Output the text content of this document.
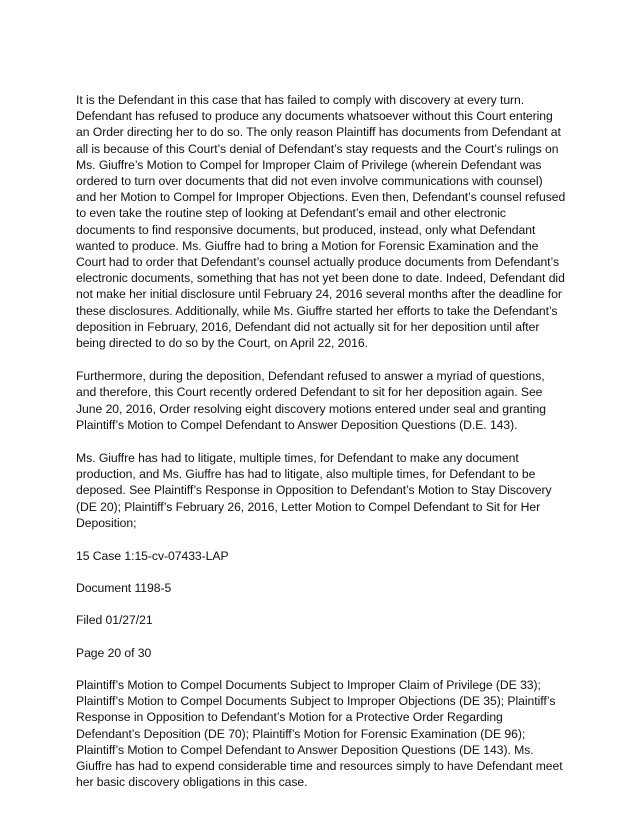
It is the Defendant in this case that has failed to comply with discovery at every turn. Defendant has refused to produce any documents whatsoever without this Court entering an Order directing her to do so. The only reason Plaintiff has documents from Defendant at all is because of this Court’s denial of Defendant’s stay requests and the Court’s rulings on Ms. Giuffre’s Motion to Compel for Improper Claim of Privilege (wherein Defendant was ordered to turn over documents that did not even involve communications with counsel) and her Motion to Compel for Improper Objections. Even then, Defendant’s counsel refused to even take the routine step of looking at Defendant’s email and other electronic documents to find responsive documents, but produced, instead, only what Defendant wanted to produce. Ms. Giuffre had to bring a Motion for Forensic Examination and the Court had to order that Defendant’s counsel actually produce documents from Defendant’s electronic documents, something that has not yet been done to date. Indeed, Defendant did not make her initial disclosure until February 24, 2016 several months after the deadline for these disclosures. Additionally, while Ms. Giuffre started her efforts to take the Defendant’s deposition in February, 2016, Defendant did not actually sit for her deposition until after being directed to do so by the Court, on April 22, 2016.

Furthermore, during the deposition, Defendant refused to answer a myriad of questions, and therefore, this Court recently ordered Defendant to sit for her deposition again. See June 20, 2016, Order resolving eight discovery motions entered under seal and granting Plaintiff’s Motion to Compel Defendant to Answer Deposition Questions (D.E. 143).

Ms. Giuffre has had to litigate, multiple times, for Defendant to make any document production, and Ms. Giuffre has had to litigate, also multiple times, for Defendant to be deposed. See Plaintiff’s Response in Opposition to Defendant’s Motion to Stay Discovery (DE 20); Plaintiff’s February 26, 2016, Letter Motion to Compel Defendant to Sit for Her Deposition;

15 Case 1:15-cv-07433-LAP

Document 1198-5

Filed 01/27/21

Page 20 of 30

Plaintiff’s Motion to Compel Documents Subject to Improper Claim of Privilege (DE 33); Plaintiff’s Motion to Compel Documents Subject to Improper Objections (DE 35); Plaintiff’s Response in Opposition to Defendant’s Motion for a Protective Order Regarding Defendant’s Deposition (DE 70); Plaintiff’s Motion for Forensic Examination (DE 96); Plaintiff’s Motion to Compel Defendant to Answer Deposition Questions (DE 143). Ms. Giuffre has had to expend considerable time and resources simply to have Defendant meet her basic discovery obligations in this case.
